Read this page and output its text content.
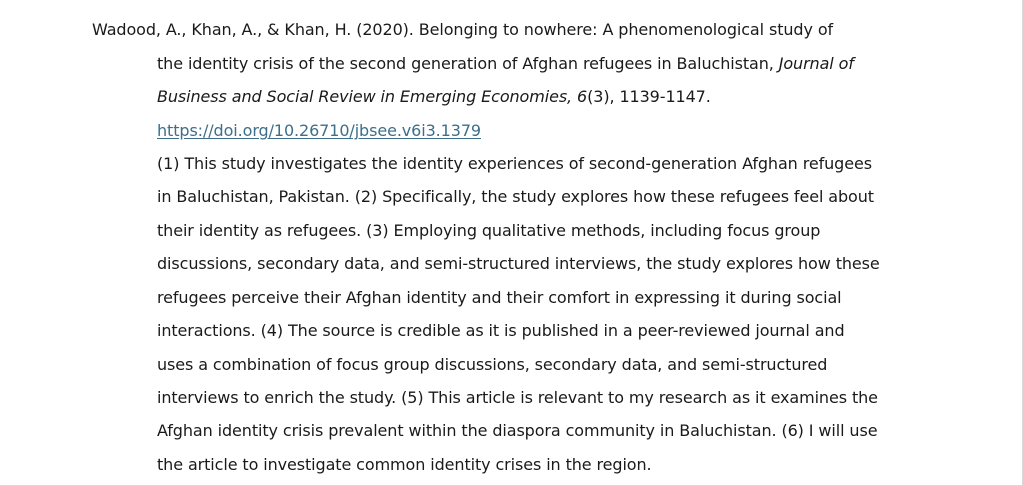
Wadood, A., Khan, A., & Khan, H. (2020). Belonging to nowhere: A phenomenological study of
the identity crisis of the second generation of Afghan refugees in Baluchistan, Journal of
Business and Social Review in Emerging Economies, 6(3), 1139-1147.
https://doi.org/10.26710/jbsee.v6i3.1379
(1) This study investigates the identity experiences of second-generation Afghan refugees
in Baluchistan, Pakistan. (2) Specifically, the study explores how these refugees feel about
their identity as refugees. (3) Employing qualitative methods, including focus group
discussions, secondary data, and semi-structured interviews, the study explores how these
refugees perceive their Afghan identity and their comfort in expressing it during social
interactions. (4) The source is credible as it is published in a peer-reviewed journal and
uses a combination of focus group discussions, secondary data, and semi-structured
interviews to enrich the study. (5) This article is relevant to my research as it examines the
Afghan identity crisis prevalent within the diaspora community in Baluchistan. (6) I will use
the article to investigate common identity crises in the region.
